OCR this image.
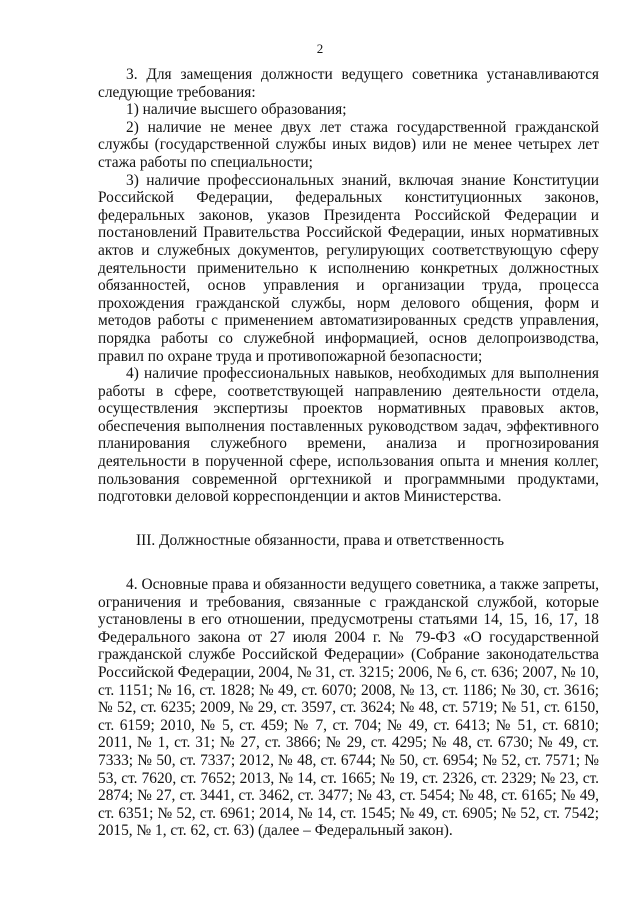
2

3. Для замещения должности ведущего советника устанавливаются следующие требования:

1) наличие высшего образования;

2) наличие не менее двух лет стажа государственной гражданской службы (государственной службы иных видов) или не менее четырех лет стажа работы по специальности;

3) наличие профессиональных знаний, включая знание Конституции Российской Федерации, федеральных конституционных законов, федеральных законов, указов Президента Российской Федерации и постановлений Правительства Российской Федерации, иных нормативных актов и служебных документов, регулирующих соответствующую сферу деятельности применительно к исполнению конкретных должностных обязанностей, основ управления и организации труда, процесса прохождения гражданской службы, норм делового общения, форм и методов работы с применением автоматизированных средств управления, порядка работы со служебной информацией, основ делопроизводства, правил по охране труда и противопожарной безопасности;

4) наличие профессиональных навыков, необходимых для выполнения работы в сфере, соответствующей направлению деятельности отдела, осуществления экспертизы проектов нормативных правовых актов, обеспечения выполнения поставленных руководством задач, эффективного планирования служебного времени, анализа и прогнозирования деятельности в порученной сфере, использования опыта и мнения коллег, пользования современной оргтехникой и программными продуктами, подготовки деловой корреспонденции и актов Министерства.

III. Должностные обязанности, права и ответственность

4. Основные права и обязанности ведущего советника, а также запреты, ограничения и требования, связанные с гражданской службой, которые установлены в его отношении, предусмотрены статьями 14, 15, 16, 17, 18 Федерального закона от 27 июля 2004 г. № 79-ФЗ «О государственной гражданской службе Российской Федерации» (Собрание законодательства Российской Федерации, 2004, № 31, ст. 3215; 2006, № 6, ст. 636; 2007, № 10, ст. 1151; № 16, ст. 1828; № 49, ст. 6070; 2008, № 13, ст. 1186; № 30, ст. 3616; № 52, ст. 6235; 2009, № 29, ст. 3597, ст. 3624; № 48, ст. 5719; № 51, ст. 6150, ст. 6159; 2010, № 5, ст. 459; № 7, ст. 704; № 49, ст. 6413; № 51, ст. 6810; 2011, № 1, ст. 31; № 27, ст. 3866; № 29, ст. 4295; № 48, ст. 6730; № 49, ст. 7333; № 50, ст. 7337; 2012, № 48, ст. 6744; № 50, ст. 6954; № 52, ст. 7571; № 53, ст. 7620, ст. 7652; 2013, № 14, ст. 1665; № 19, ст. 2326, ст. 2329; № 23, ст. 2874; № 27, ст. 3441, ст. 3462, ст. 3477; № 43, ст. 5454; № 48, ст. 6165; № 49, ст. 6351; № 52, ст. 6961; 2014, № 14, ст. 1545; № 49, ст. 6905; № 52, ст. 7542; 2015, № 1, ст. 62, ст. 63) (далее – Федеральный закон).
